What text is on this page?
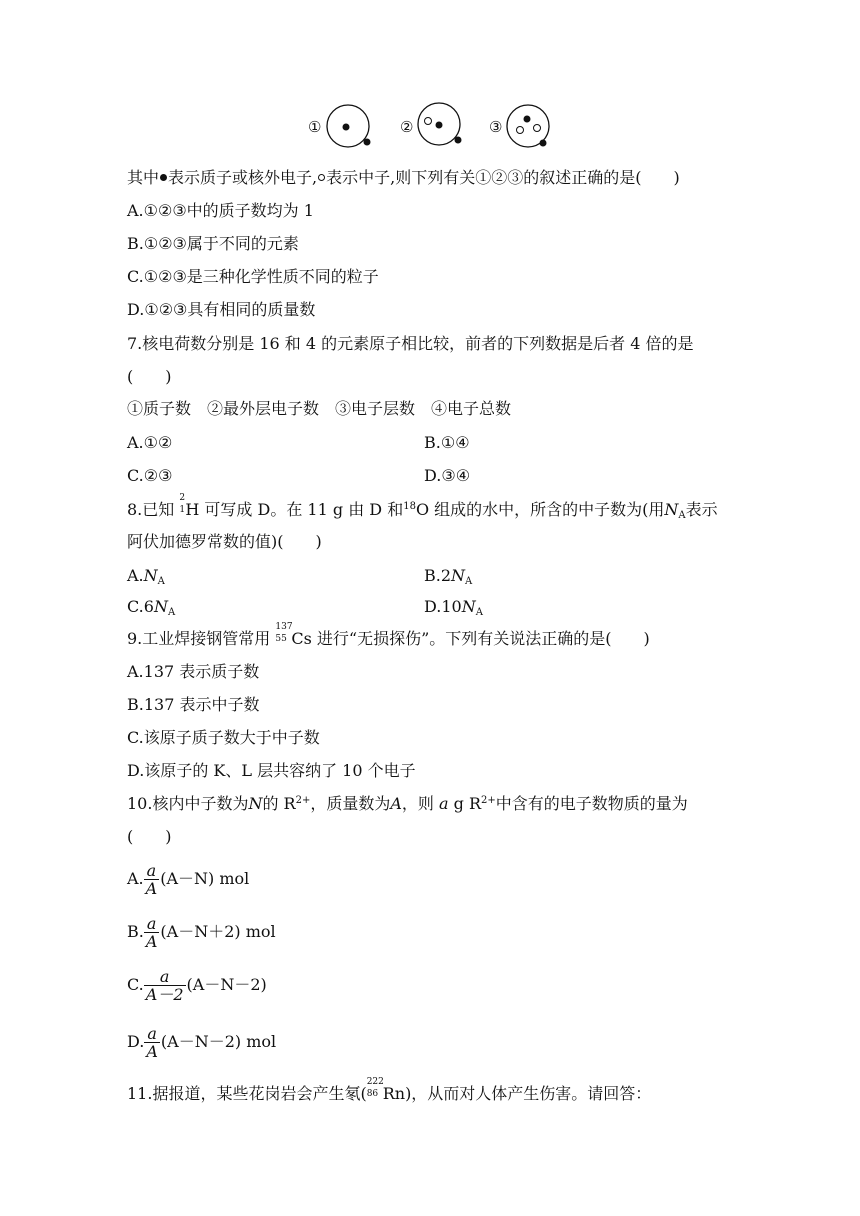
①	②	③
其中 表示质子或核外电子, 表示中子,则下列有关①②③的叙述正确的是(　　)
A.①②③中的质子数均为 1
B.①②③属于不同的元素
C.①②③是三种化学性质不同的粒子
D.①②③具有相同的质量数
7.核电荷数分别是 16 和 4 的元素原子相比较，前者的下列数据是后者 4 倍的是
(　　)
①质子数　②最外层电子数　③电子层数　④电子总数
A.①②	B.①④
C.②③	D.③④
8.已知
2
1 H 可写成 D。在 11 g 由 D 和$^{18}$O 组成的水中，所含的中子数为(用$N_A$表示
阿伏加德罗常数的值)(　　)
$A.N_A$	$B.2N_A$
$C.6N_A$	$D.10N_A$
9.工业焊接钢管常用
137
55 Cs 进行“无损探伤”。下列有关说法正确的是(　　)
A.137 表示质子数
B.137 表示中子数
C.该原子质子数大于中子数
D.该原子的 K、L 层共容纳了 10 个电子
10.核内中子数为N的 $R^{2+}$，质量数为A，则 a g $R^{2+}$中含有的电子数物质的量为
(　　)
A. $\frac{a}{A} (A-N)$ mol
B. $\frac{a}{A} (A-N+2)$ mol
C. $\frac{a}{A-2} (A-N-2)$
D. $\frac{a}{A} (A-N-2)$ mol
11.据报道，某些花岗岩会产生氡(
222
86 Rn)，从而对人体产生伤害。请回答：
